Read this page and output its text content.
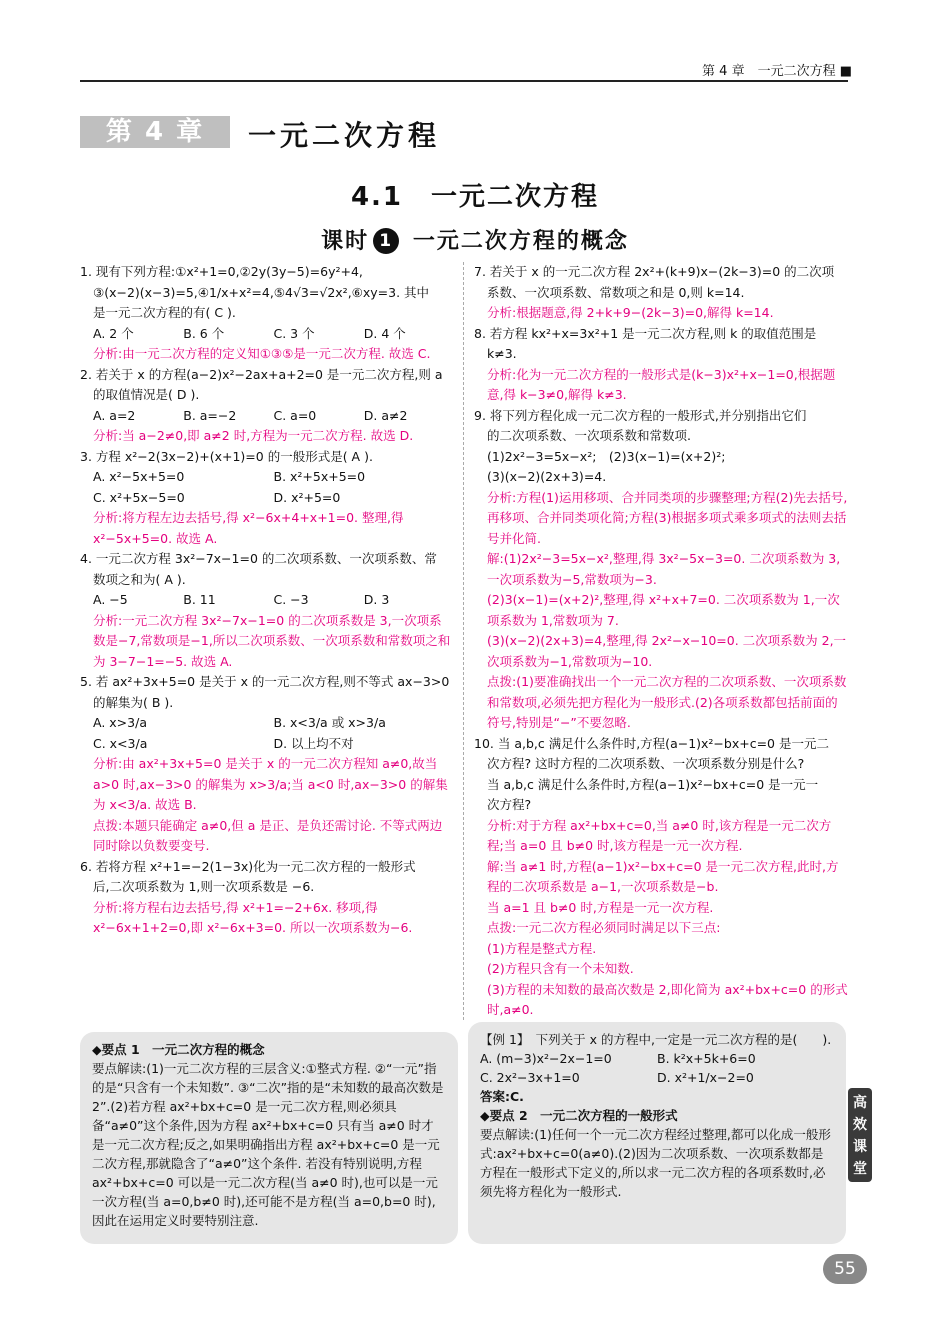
第 4 章　一元二次方程 ■
第 4 章	一元二次方程
4.1　一元二次方程
课时 1 一元二次方程的概念

1. 现有下列方程:①x²+1=0,②2y(3y−5)=6y²+4,

③(x−2)(x−3)=5,④1/x+x²=4,⑤4√3=√2x²,⑥xy=3. 其中

是一元二次方程的有( C ).

A. 2 个	B. 6 个	C. 3 个	D. 4 个

分析:由一元二次方程的定义知①③⑤是一元二次方程. 故选 C.

2. 若关于 x 的方程(a−2)x²−2ax+a+2=0 是一元二次方程,则 a

的取值情况是( D ).

A. a=2	B. a=−2	C. a=0	D. a≠2

分析:当 a−2≠0,即 a≠2 时,方程为一元二次方程. 故选 D.

3. 方程 x²−2(3x−2)+(x+1)=0 的一般形式是( A ).

A. x²−5x+5=0	B. x²+5x+5=0
C. x²+5x−5=0	D. x²+5=0

分析:将方程左边去括号,得 x²−6x+4+x+1=0. 整理,得 x²−5x+5=0. 故选 A.

4. 一元二次方程 3x²−7x−1=0 的二次项系数、一次项系数、常

数项之和为( A ).

A. −5	B. 11	C. −3	D. 3

分析:一元二次方程 3x²−7x−1=0 的二次项系数是 3,一次项系数是−7,常数项是−1,所以二次项系数、一次项系数和常数项之和为 3−7−1=−5. 故选 A.

5. 若 ax²+3x+5=0 是关于 x 的一元二次方程,则不等式 ax−3>0

的解集为( B ).

A. x>3/a	B. x<3/a 或 x>3/a
C. x<3/a	D. 以上均不对

分析:由 ax²+3x+5=0 是关于 x 的一元二次方程知 a≠0,故当 a>0 时,ax−3>0 的解集为 x>3/a;当 a<0 时,ax−3>0 的解集为 x<3/a. 故选 B.

点拨:本题只能确定 a≠0,但 a 是正、是负还需讨论. 不等式两边同时除以负数要变号.

6. 若将方程 x²+1=−2(1−3x)化为一元二次方程的一般形式

后,二次项系数为 1,则一次项系数是 −6.

分析:将方程右边去括号,得 x²+1=−2+6x. 移项,得 x²−6x+1+2=0,即 x²−6x+3=0. 所以一次项系数为−6.

7. 若关于 x 的一元二次方程 2x²+(k+9)x−(2k−3)=0 的二次项

系数、一次项系数、常数项之和是 0,则 k=14.

分析:根据题意,得 2+k+9−(2k−3)=0,解得 k=14.

8. 若方程 kx²+x=3x²+1 是一元二次方程,则 k 的取值范围是

k≠3.

分析:化为一元二次方程的一般形式是(k−3)x²+x−1=0,根据题意,得 k−3≠0,解得 k≠3.

9. 将下列方程化成一元二次方程的一般形式,并分别指出它们

的二次项系数、一次项系数和常数项.

(1)2x²−3=5x−x²;　(2)3(x−1)=(x+2)²;

(3)(x−2)(2x+3)=4.

分析:方程(1)运用移项、合并同类项的步骤整理;方程(2)先去括号,再移项、合并同类项化简;方程(3)根据多项式乘多项式的法则去括号并化简.

解:(1)2x²−3=5x−x²,整理,得 3x²−5x−3=0. 二次项系数为 3,一次项系数为−5,常数项为−3.

(2)3(x−1)=(x+2)²,整理,得 x²+x+7=0. 二次项系数为 1,一次项系数为 1,常数项为 7.

(3)(x−2)(2x+3)=4,整理,得 2x²−x−10=0. 二次项系数为 2,一次项系数为−1,常数项为−10.

点拨:(1)要准确找出一个一元二次方程的二次项系数、一次项系数和常数项,必须先把方程化为一般形式.(2)各项系数都包括前面的符号,特别是“−”不要忽略.

10. 当 a,b,c 满足什么条件时,方程(a−1)x²−bx+c=0 是一元二

次方程? 这时方程的二次项系数、一次项系数分别是什么?

当 a,b,c 满足什么条件时,方程(a−1)x²−bx+c=0 是一元一

次方程?

分析:对于方程 ax²+bx+c=0,当 a≠0 时,该方程是一元二次方程;当 a=0 且 b≠0 时,该方程是一元一次方程.

解:当 a≠1 时,方程(a−1)x²−bx+c=0 是一元二次方程,此时,方程的二次项系数是 a−1,一次项系数是−b.

当 a=1 且 b≠0 时,方程是一元一次方程.

点拨:一元二次方程必须同时满足以下三点:

(1)方程是整式方程.

(2)方程只含有一个未知数.

(3)方程的未知数的最高次数是 2,即化简为 ax²+bx+c=0 的形式时,a≠0.

◆要点 1　一元二次方程的概念

要点解读:(1)一元二次方程的三层含义:①整式方程. ②“一元”指的是“只含有一个未知数”. ③“二次”指的是“未知数的最高次数是 2”.(2)若方程 ax²+bx+c=0 是一元二次方程,则必须具备“a≠0”这个条件,因为方程 ax²+bx+c=0 只有当 a≠0 时才是一元二次方程;反之,如果明确指出方程 ax²+bx+c=0 是一元二次方程,那就隐含了“a≠0”这个条件. 若没有特别说明,方程 ax²+bx+c=0 可以是一元二次方程(当 a≠0 时),也可以是一元一次方程(当 a=0,b≠0 时),还可能不是方程(当 a=0,b=0 时),因此在运用定义时要特别注意.

【例 1】　下列关于 x 的方程中,一定是一元二次方程的是(　　).

A. (m−3)x²−2x−1=0	B. k²x+5k+6=0
C. 2x²−3x+1=0	D. x²+1/x−2=0

答案:C.

◆要点 2　一元二次方程的一般形式

要点解读:(1)任何一个一元二次方程经过整理,都可以化成一般形式:ax²+bx+c=0(a≠0).(2)因为二次项系数、一次项系数都是方程在一般形式下定义的,所以求一元二次方程的各项系数时,必须先将方程化为一般形式.

高效课堂
55
